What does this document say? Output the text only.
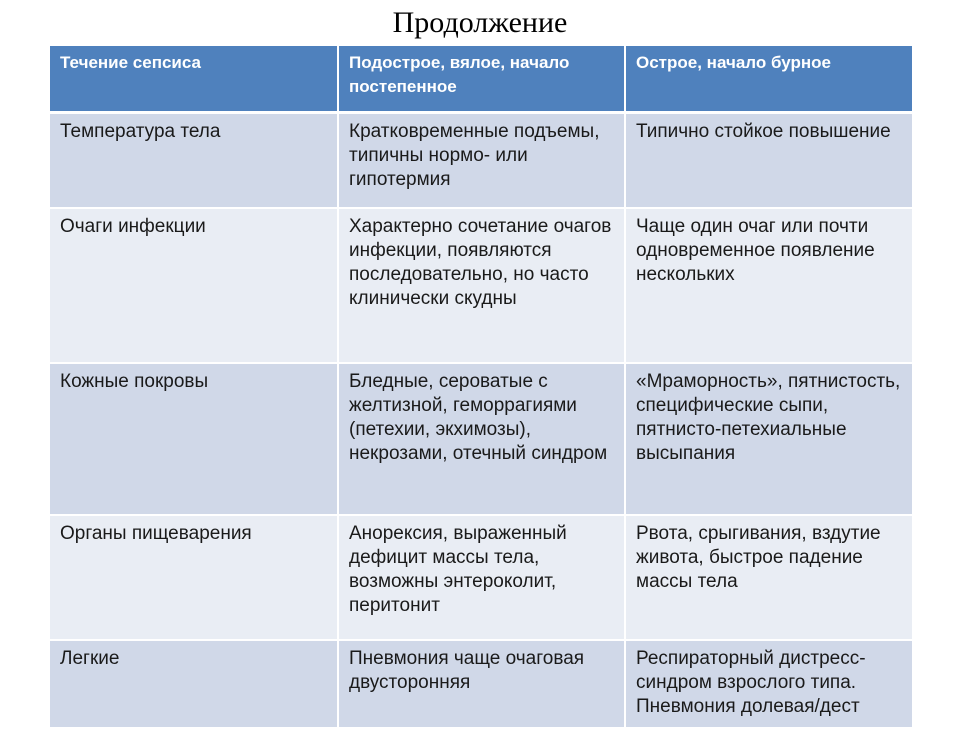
Продолжение
Течение сепсиса	Подострое, вялое, начало постепенное	Острое, начало бурное
Температура тела	Кратковременные подъемы, типичны нормо- или гипотермия	Типично стойкое повышение
Очаги инфекции	Характерно сочетание очагов инфекции, появляются последовательно, но часто клинически скудны	Чаще один очаг или почти одновременное появление нескольких
Кожные покровы	Бледные, сероватые с желтизной, геморрагиями (петехии, экхимозы), некрозами, отечный синдром	«Мраморность», пятнистость, специфические сыпи, пятнисто-петехиальные высыпания
Органы пищеварения	Анорексия, выраженный дефицит массы тела, возможны энтероколит, перитонит	Рвота, срыгивания, вздутие живота, быстрое падение массы тела
Легкие	Пневмония чаще очаговая двусторонняя	Респираторный дистресс-синдром взрослого типа. Пневмония долевая/дест
